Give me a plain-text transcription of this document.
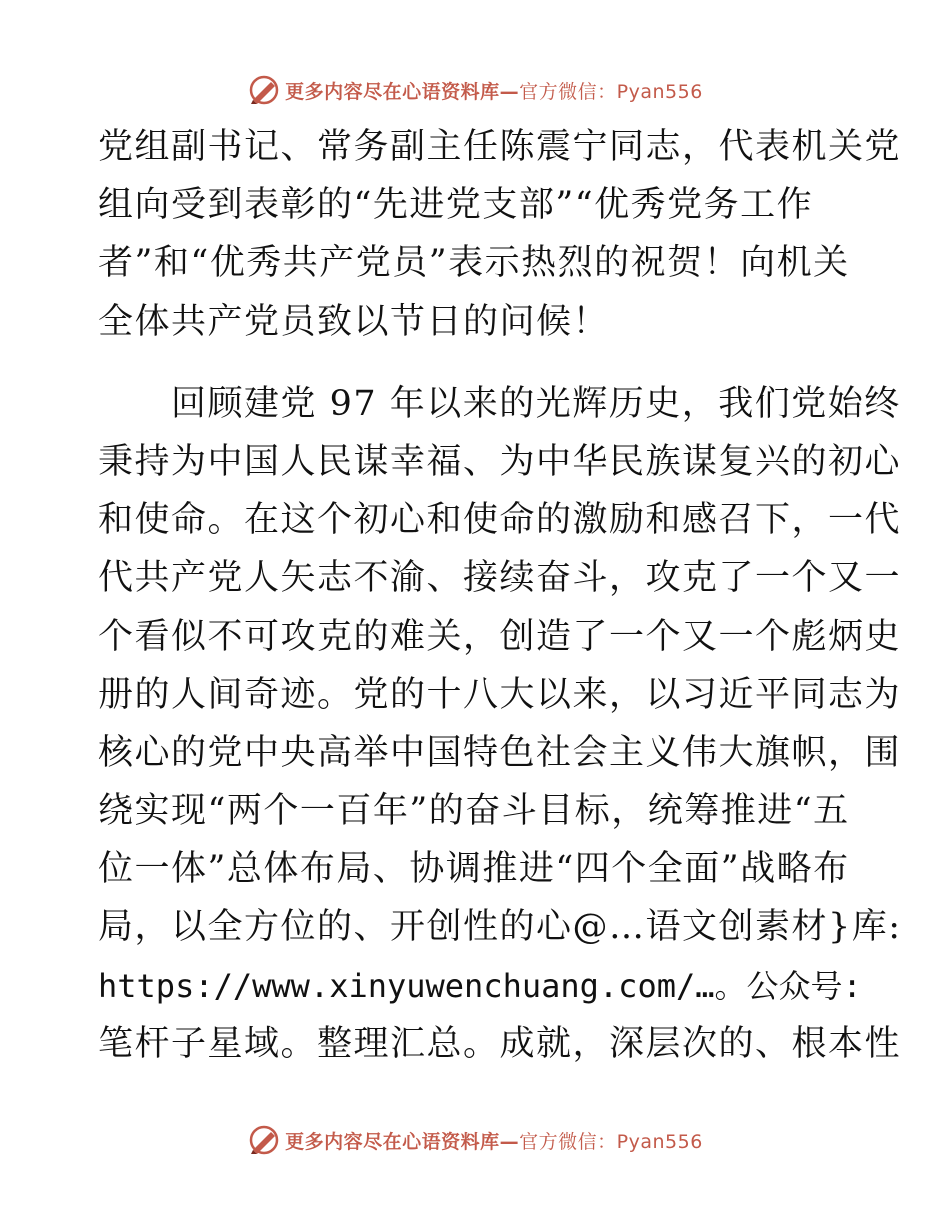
更多内容尽在心语资料库—官方微信：Pyan556
党组副书记、常务副主任陈震宁同志，代表机关党
组向受到表彰的“先进党支部”“优秀党务工作
者”和“优秀共产党员”表示热烈的祝贺！向机关
全体共产党员致以节日的问候！
　　回顾建党 97 年以来的光辉历史，我们党始终
秉持为中国人民谋幸福、为中华民族谋复兴的初心
和使命。在这个初心和使命的激励和感召下，一代
代共产党人矢志不渝、接续奋斗，攻克了一个又一
个看似不可攻克的难关，创造了一个又一个彪炳史
册的人间奇迹。党的十八大以来，以习近平同志为
核心的党中央高举中国特色社会主义伟大旗帜，围
绕实现“两个一百年”的奋斗目标，统筹推进“五
位一体”总体布局、协调推进“四个全面”战略布
局，以全方位的、开创性的心@…语文创素材}库:
https://www.xinyuwenchuang.com/…。公众号:
笔杆子星域。整理汇总。成就，深层次的、根本性
更多内容尽在心语资料库—官方微信：Pyan556
